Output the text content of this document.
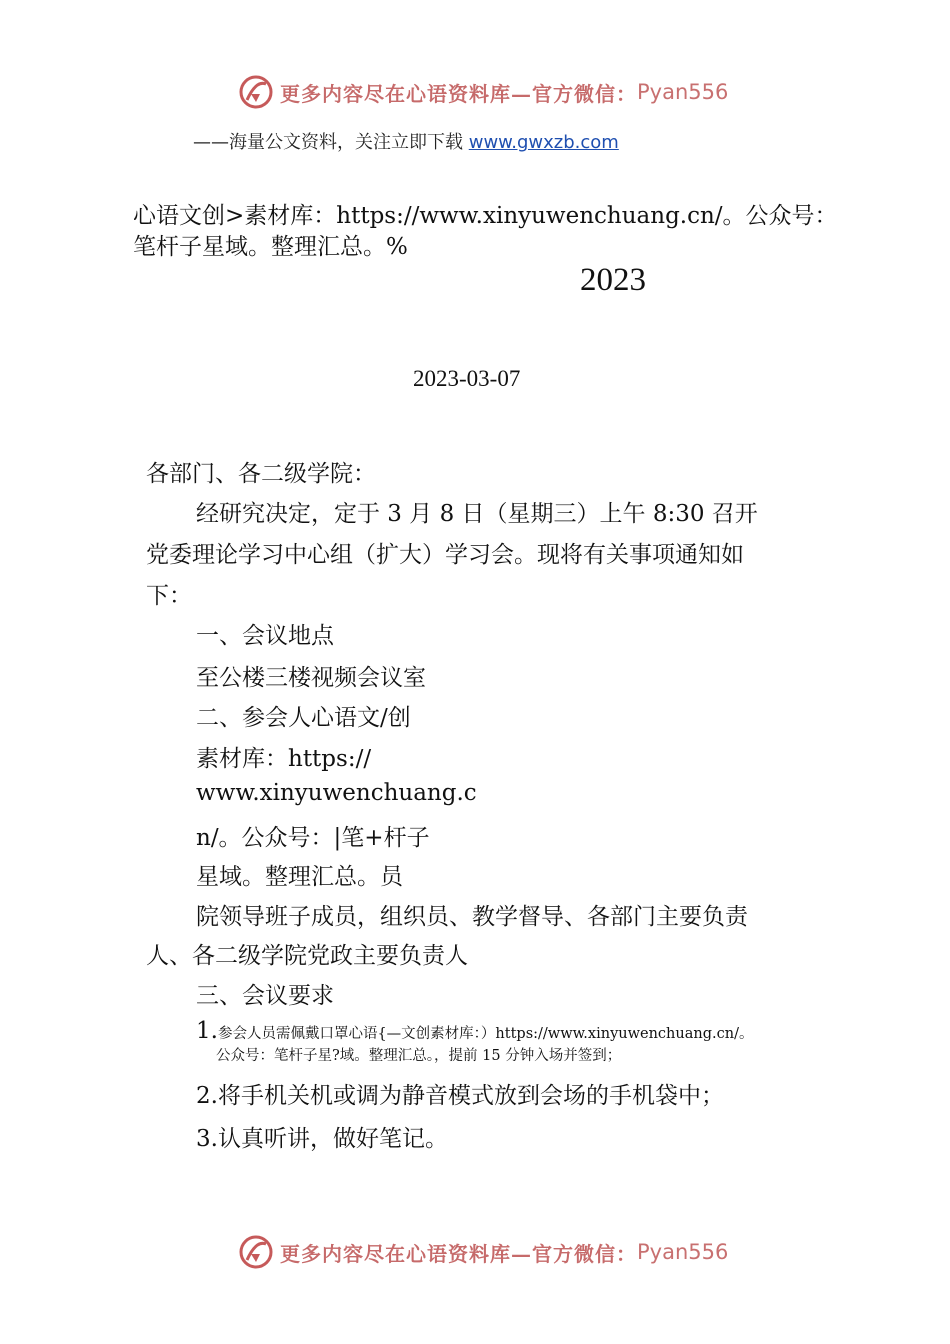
更多内容尽在心语资料库—官方微信： Pyan556
——海量公文资料，关注立即下载 www.gwxzb.com
心语文创>素材库：https://www.xinyuwenchuang.cn/。公众号：
笔杆子星域。整理汇总。%
2023
2023-03-07
各部门、各二级学院：
经研究决定，定于 3 月 8 日（星期三）上午 8:30 召开
党委理论学习中心组（扩大）学习会。现将有关事项通知如
下：
一、会议地点
至公楼三楼视频会议室
二、参会人心语文/创
素材库：https://
www.xinyuwenchuang.c
n/。公众号：|笔+杆子
星域。整理汇总。员
院领导班子成员，组织员、教学督导、各部门主要负责
人、各二级学院党政主要负责人
三、会议要求
1.参会人员需佩戴口罩心语{—文创素材库：）https://www.xinyuwenchuang.cn/。
公众号：笔杆子星?域。整理汇总。，提前 15 分钟入场并签到；
2.将手机关机或调为静音模式放到会场的手机袋中；
3.认真听讲，做好笔记。
更多内容尽在心语资料库—官方微信： Pyan556
